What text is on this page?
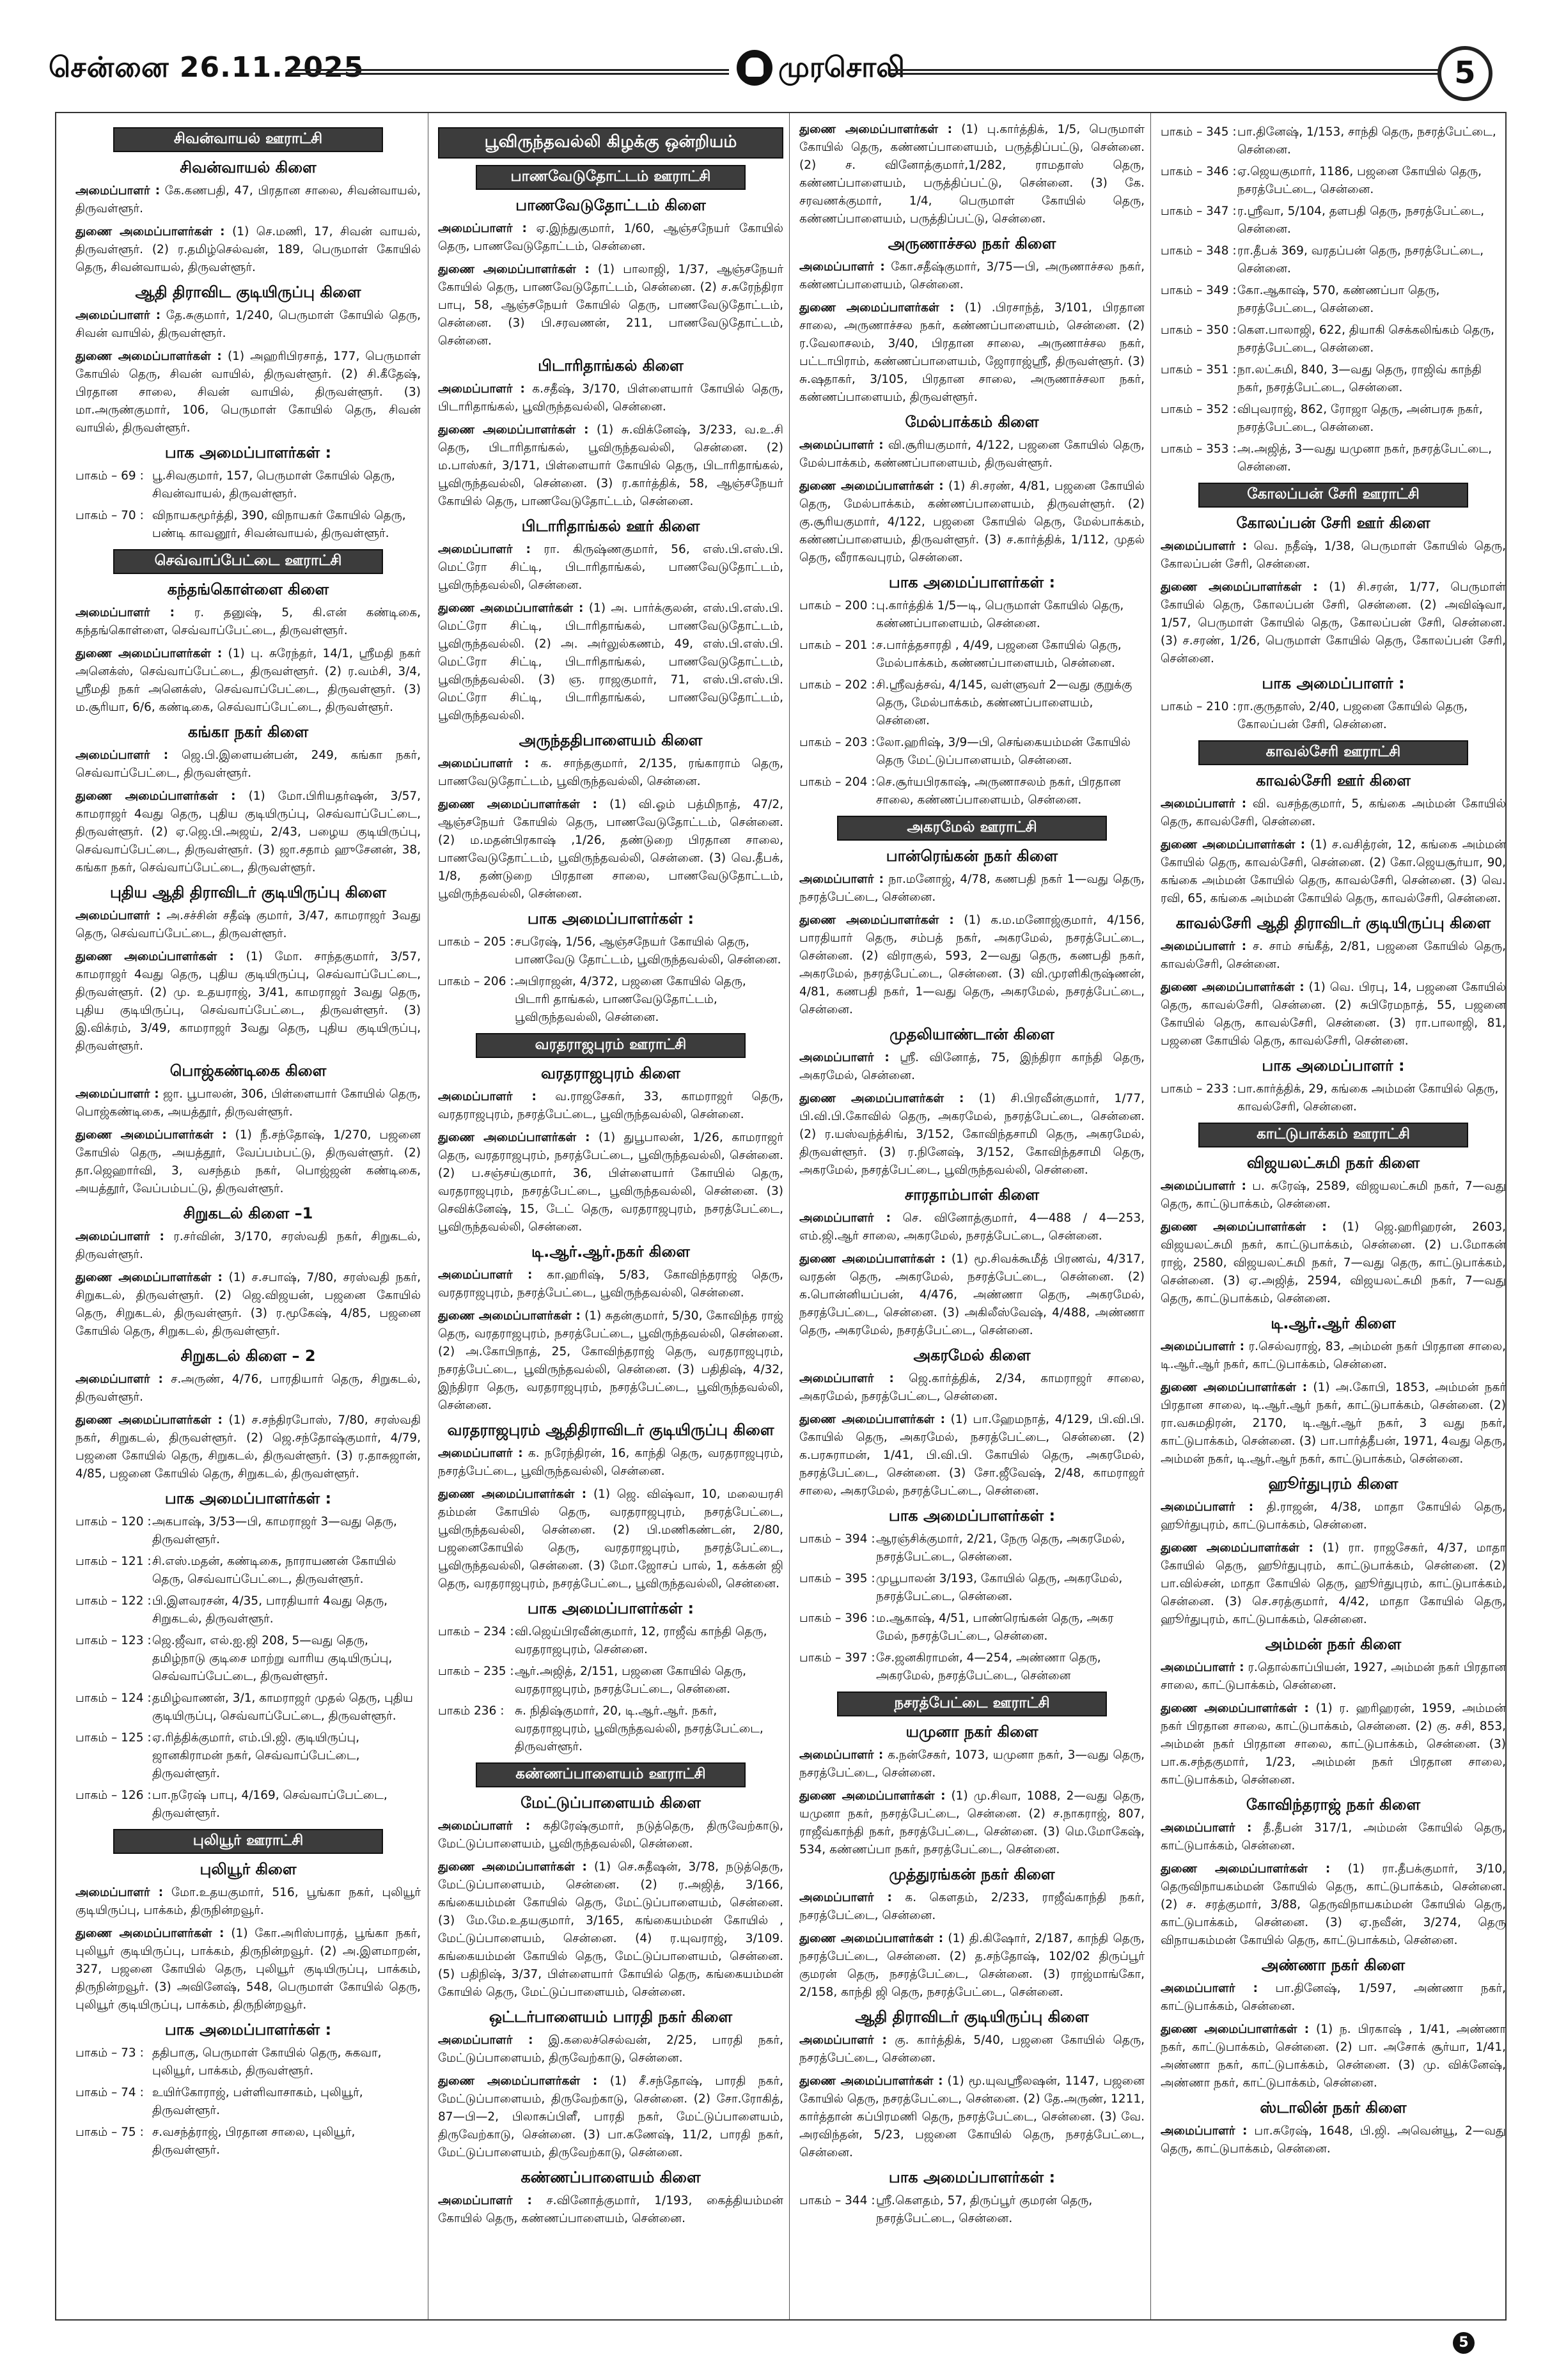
சென்னை 26.11.2025	முரசொலி	5
சிவன்வாயல் ஊராட்சி
சிவன்வாயல் கிளை

அமைப்பாளர் : கே.கணபதி, 47, பிரதான சாலை, சிவன்வாயல், திருவள்ளூர்.

துணை அமைப்பாளர்கள் : (1) செ.மணி, 17, சிவன் வாயல், திருவள்ளூர். (2) ர.தமிழ்செல்வன், 189, பெருமாள் கோயில் தெரு, சிவன்வாயல், திருவள்ளூர்.

ஆதி திராவிட குடியிருப்பு கிளை

அமைப்பாளர் : தே.சுகுமார், 1/240, பெருமாள் கோயில் தெரு, சிவன் வாயில், திருவள்ளூர்.

துணை அமைப்பாளர்கள் : (1) அஹரிபிரசாத், 177, பெருமாள் கோயில் தெரு, சிவன் வாயில், திருவள்ளூர். (2) சி.கீதேஷ், பிரதான சாலை, சிவன் வாயில், திருவள்ளூர். (3) மா.அருண்குமார், 106, பெருமாள் கோயில் தெரு, சிவன் வாயில், திருவள்ளூர்.

பாக அமைப்பாளர்கள் :
பாகம் – 69 : பூ.சிவகுமார், 157, பெருமாள் கோயில் தெரு, சிவன்வாயல், திருவள்ளூர்.
பாகம் – 70 : விநாயகமூர்த்தி, 390, விநாயகர் கோயில் தெரு, பண்டி காவனூர், சிவன்வாயல், திருவள்ளூர்.
செவ்வாப்பேட்டை ஊராட்சி
கந்தங்கொள்ளை கிளை

அமைப்பாளர் : ர. தனுஷ், 5, கி.என் கண்டிகை, கந்தங்கொள்ளை, செவ்வாப்பேட்டை, திருவள்ளூர்.

துணை அமைப்பாளர்கள் : (1) பு. சுரேந்தர், 14/1, ஸ்ரீமதி நகர் அனெக்ஸ், செவ்வாப்பேட்டை, திருவள்ளூர். (2) ர.வம்சி, 3/4, ஸ்ரீமதி நகர் அனெக்ஸ், செவ்வாப்பேட்டை, திருவள்ளூர். (3) ம.சூரியா, 6/6, கண்டிகை, செவ்வாப்பேட்டை, திருவள்ளூர்.

கங்கா நகர் கிளை

அமைப்பாளர் : ஜெ.பி.இளையன்பன், 249, கங்கா நகர், செவ்வாப்பேட்டை, திருவள்ளூர்.

துணை அமைப்பாளர்கள் : (1) மோ.பிரியதர்ஷன், 3/57, காமராஜர் 4வது தெரு, புதிய குடியிருப்பு, செவ்வாப்பேட்டை, திருவள்ளூர். (2) ஏ.ஜெ.பி.அஜய், 2/43, பழைய குடியிருப்பு, செவ்வாப்பேட்டை, திருவள்ளூர். (3) ஜா.சதாம் ஹுசேனன், 38, கங்கா நகர், செவ்வாப்பேட்டை, திருவள்ளூர்.

புதிய ஆதி திராவிடர் குடியிருப்பு கிளை

அமைப்பாளர் : அ.சச்சின் சதீஷ் குமார், 3/47, காமராஜர் 3வது தெரு, செவ்வாப்பேட்டை, திருவள்ளூர்.

துணை அமைப்பாளர்கள் : (1) மோ. சாந்தகுமார், 3/57, காமராஜர் 4வது தெரு, புதிய குடியிருப்பு, செவ்வாப்பேட்டை, திருவள்ளூர். (2) மு. உதயராஜ், 3/41, காமராஜர் 3வது தெரு, புதிய குடியிருப்பு, செவ்வாப்பேட்டை, திருவள்ளூர். (3) இ.விக்ரம், 3/49, காமராஜர் 3வது தெரு, புதிய குடியிருப்பு, திருவள்ளூர்.

பொஜ்கண்டிகை கிளை

அமைப்பாளர் : ஜா. பூபாலன், 306, பிள்ளையார் கோயில் தெரு, பொஜ்கண்டிகை, அயத்தூர், திருவள்ளூர்.

துணை அமைப்பாளர்கள் : (1) நீ.சந்தோஷ், 1/270, பஜனை கோயில் தெரு, அயத்தூர், வேப்பம்பட்டு, திருவள்ளூர். (2) தா.ஜெஹார்வி, 3, வசந்தம் நகர், பொஜ்ஜன் கண்டிகை, அயத்தூர், வேப்பம்பட்டு, திருவள்ளூர்.

சிறுகடல் கிளை –1

அமைப்பாளர் : ர.சர்வின், 3/170, சரஸ்வதி நகர், சிறுகடல், திருவள்ளூர்.

துணை அமைப்பாளர்கள் : (1) ச.சபாஷ், 7/80, சரஸ்வதி நகர், சிறுகடல், திருவள்ளூர். (2) ஜெ.விஜயன், பஜனை கோயில் தெரு, சிறுகடல், திருவள்ளூர். (3) ர.மூகேஷ், 4/85, பஜனை கோயில் தெரு, சிறுகடல், திருவள்ளூர்.

சிறுகடல் கிளை – 2

அமைப்பாளர் : ச.அருண், 4/76, பாரதியார் தெரு, சிறுகடல், திருவள்ளூர்.

துணை அமைப்பாளர்கள் : (1) ச.சந்திரபோஸ், 7/80, சரஸ்வதி நகர், சிறுகடல், திருவள்ளூர். (2) ஜெ.சந்தோஷ்குமார், 4/79, பஜனை கோயில் தெரு, சிறுகடல், திருவள்ளூர். (3) ர.தாசுஜான், 4/85, பஜனை கோயில் தெரு, சிறுகடல், திருவள்ளூர்.

பாக அமைப்பாளர்கள் :
பாகம் – 120 : அகபாஷ், 3/53—பி, காமராஜர் 3—வது தெரு, திருவள்ளூர்.
பாகம் – 121 : சி.எஸ்.மதன், கண்டிகை, நாராயணன் கோயில் தெரு, செவ்வாப்பேட்டை, திருவள்ளூர்.
பாகம் – 122 : பி.இளவரசன், 4/35, பாரதியார் 4வது தெரு, சிறுகடல், திருவள்ளூர்.
பாகம் – 123 : ஜெ.ஜீவா, எல்.ஐ.ஜி 208, 5—வது தெரு, தமிழ்நாடு குடிசை மாற்று வாரிய குடியிருப்பு, செவ்வாப்பேட்டை, திருவள்ளூர்.
பாகம் – 124 : தமிழ்வாணன், 3/1, காமராஜர் முதல் தெரு, புதிய குடியிருப்பு, செவ்வாப்பேட்டை, திருவள்ளூர்.
பாகம் – 125 : ஏ.ரித்திக்குமார், எம்.பி.ஜி. குடியிருப்பு, ஜானகிராமன் நகர், செவ்வாப்பேட்டை, திருவள்ளூர்.
பாகம் – 126 : பா.நரேஷ் பாபு, 4/169, செவ்வாப்பேட்டை, திருவள்ளூர்.
புலியூர் ஊராட்சி
புலியூர் கிளை

அமைப்பாளர் : மோ.உதயகுமார், 516, பூங்கா நகர், புலியூர் குடியிருப்பு, பாக்கம், திருநின்றவூர்.

துணை அமைப்பாளர்கள் : (1) கோ.அரிஸ்பாரத், பூங்கா நகர், புலியூர் குடியிருப்பு, பாக்கம், திருநின்றவூர். (2) அ.இளமாறன், 327, பஜனை கோயில் தெரு, புலியூர் குடியிருப்பு, பாக்கம், திருநின்றவூர். (3) அவினேஷ், 548, பெருமாள் கோயில் தெரு, புலியூர் குடியிருப்பு, பாக்கம், திருநின்றவூர்.

பாக அமைப்பாளர்கள் :
பாகம் – 73 : ததிபாகு, பெருமாள் கோயில் தெரு, சுகவா, புலியூர், பாக்கம், திருவள்ளூர்.
பாகம் – 74 : உயிர்கோராஜ், பள்ளிவாசாகம், புலியூர், திருவள்ளூர்.
பாகம் – 75 : ச.வசந்த்ராஜ், பிரதான சாலை, புலியூர், திருவள்ளூர்.
பூவிருந்தவல்லி கிழக்கு ஒன்றியம்
பாணவேடுதோட்டம் ஊராட்சி
பாணவேடுதோட்டம் கிளை

அமைப்பாளர் : ஏ.இந்துகுமார், 1/60, ஆஞ்சநேயர் கோயில் தெரு, பாணவேடுதோட்டம், சென்னை.

துணை அமைப்பாளர்கள் : (1) பாலாஜி, 1/37, ஆஞ்சநேயர் கோயில் தெரு, பாணவேடுதோட்டம், சென்னை. (2) ச.சுரேந்திரா பாபு, 58, ஆஞ்சநேயர் கோயில் தெரு, பாணவேடுதோட்டம், சென்னை. (3) பி.சரவணன், 211, பாணவேடுதோட்டம், சென்னை.

பிடாரிதாங்கல் கிளை

அமைப்பாளர் : க.சதீஷ், 3/170, பிள்ளையார் கோயில் தெரு, பிடாரிதாங்கல், பூவிருந்தவல்லி, சென்னை.

துணை அமைப்பாளர்கள் : (1) சு.விக்னேஷ், 3/233, வ.உ.சி தெரு, பிடாரிதாங்கல், பூவிருந்தவல்லி, சென்னை. (2) ம.பாஸ்கர், 3/171, பிள்ளையார் கோயில் தெரு, பிடாரிதாங்கல், பூவிருந்தவல்லி, சென்னை. (3) ர.கார்த்திக், 58, ஆஞ்சநேயர் கோயில் தெரு, பாணவேடுதோட்டம், சென்னை.

பிடாரிதாங்கல் ஊர் கிளை

அமைப்பாளர் : ரா. கிருஷ்ணகுமார், 56, எஸ்.பி.எஸ்.பி. மெட்ரோ சிட்டி, பிடாரிதாங்கல், பாணவேடுதோட்டம், பூவிருந்தவல்லி, சென்னை.

துணை அமைப்பாளர்கள் : (1) அ. பார்க்குலன், எஸ்.பி.எஸ்.பி. மெட்ரோ சிட்டி, பிடாரிதாங்கல், பாணவேடுதோட்டம், பூவிருந்தவல்லி. (2) அ. அர்லுல்கணம், 49, எஸ்.பி.எஸ்.பி. மெட்ரோ சிட்டி, பிடாரிதாங்கல், பாணவேடுதோட்டம், பூவிருந்தவல்லி. (3) ஞ. ராஜகுமார், 71, எஸ்.பி.எஸ்.பி. மெட்ரோ சிட்டி, பிடாரிதாங்கல், பாணவேடுதோட்டம், பூவிருந்தவல்லி.

அருந்ததிபாளையம் கிளை

அமைப்பாளர் : க. சாந்தகுமார், 2/135, ரங்காராம் தெரு, பாணவேடுதோட்டம், பூவிருந்தவல்லி, சென்னை.

துணை அமைப்பாளர்கள் : (1) வி.ஓம் பத்மிநாத், 47/2, ஆஞ்சநேயர் கோயில் தெரு, பாணவேடுதோட்டம், சென்னை. (2) ம.மதன்பிரகாஷ் ,1/26, தண்டுறை பிரதான சாலை, பாணவேடுதோட்டம், பூவிருந்தவல்லி, சென்னை. (3) வெ.தீபக், 1/8, தண்டுறை பிரதான சாலை, பாணவேடுதோட்டம், பூவிருந்தவல்லி, சென்னை.

பாக அமைப்பாளர்கள் :
பாகம் – 205 : சபரேஷ், 1/56, ஆஞ்சநேயர் கோயில் தெரு, பாணவேடு தோட்டம், பூவிருந்தவல்லி, சென்னை.
பாகம் – 206 : அபிராஜன், 4/372, பஜனை கோயில் தெரு, பிடாரி தாங்கல், பாணவேடுதோட்டம், பூவிருந்தவல்லி, சென்னை.
வரதராஜபுரம் ஊராட்சி
வரதராஜபுரம் கிளை

அமைப்பாளர் : வ.ராஜசேகர், 33, காமராஜர் தெரு, வரதராஜபுரம், நசரத்பேட்டை, பூவிருந்தவல்லி, சென்னை.

துணை அமைப்பாளர்கள் : (1) துபூபாலன், 1/26, காமராஜர் தெரு, வரதராஜபுரம், நசரத்பேட்டை, பூவிருந்தவல்லி, சென்னை. (2) ப.சஞ்சய்குமார், 36, பிள்ளையார் கோயில் தெரு, வரதராஜபுரம், நசரத்பேட்டை, பூவிருந்தவல்லி, சென்னை. (3) செவிக்னேஷ், 15, டேட் தெரு, வரதராஜபுரம், நசரத்பேட்டை, பூவிருந்தவல்லி, சென்னை.

டி.ஆர்.ஆர்.நகர் கிளை

அமைப்பாளர் : கா.ஹரிஷ், 5/83, கோவிந்தராஜ் தெரு, வரதராஜபுரம், நசரத்பேட்டை, பூவிருந்தவல்லி, சென்னை.

துணை அமைப்பாளர்கள் : (1) சுதன்குமார், 5/30, கோவிந்த ராஜ் தெரு, வரதராஜபுரம், நசரத்பேட்டை, பூவிருந்தவல்லி, சென்னை. (2) அ.கோபிநாத், 25, கோவிந்தராஜ் தெரு, வரதராஜபுரம், நசரத்பேட்டை, பூவிருந்தவல்லி, சென்னை. (3) பதிதிஷ், 4/32, இந்திரா தெரு, வரதராஜபுரம், நசரத்பேட்டை, பூவிருந்தவல்லி, சென்னை.

வரதராஜபுரம் ஆதிதிராவிடர் குடியிருப்பு கிளை

அமைப்பாளர் : க. நரேந்திரன், 16, காந்தி தெரு, வரதராஜபுரம், நசரத்பேட்டை, பூவிருந்தவல்லி, சென்னை.

துணை அமைப்பாளர்கள் : (1) ஜெ. விஷ்வா, 10, மலையரசி தம்மன் கோயில் தெரு, வரதராஜபுரம், நசரத்பேட்டை, பூவிருந்தவல்லி, சென்னை. (2) பி.மணிகண்டன், 2/80, பஜனைகோயில் தெரு, வரதராஜபுரம், நசரத்பேட்டை, பூவிருந்தவல்லி, சென்னை. (3) மோ.ஜோசப் பால், 1, கக்கன் ஜி தெரு, வரதராஜபுரம், நசரத்பேட்டை, பூவிருந்தவல்லி, சென்னை.

பாக அமைப்பாளர்கள் :
பாகம் – 234 : வி.ஜெய்பிரவீன்குமார், 12, ராஜீவ் காந்தி தெரு, வரதராஜபுரம், சென்னை.
பாகம் – 235 : ஆர்.அஜித், 2/151, பஜனை கோயில் தெரு, வரதராஜபுரம், நசரத்பேட்டை, சென்னை.
பாகம் 236 : சு. நிதிஷ்குமார், 20, டி.ஆர்.ஆர். நகர், வரதராஜபுரம், பூவிருந்தவல்லி, நசரத்பேட்டை, திருவள்ளூர்.
கண்ணப்பாளையம் ஊராட்சி
மேட்டுப்பாளையம் கிளை

அமைப்பாளர் : கதிரேஷ்குமார், நடுத்தெரு, திருவேற்காடு, மேட்டுப்பாளையம், பூவிருந்தவல்லி, சென்னை.

துணை அமைப்பாளர்கள் : (1) செ.சுதீஷன், 3/78, நடுத்தெரு, மேட்டுப்பாளையம், சென்னை. (2) ர.அஜித், 3/166, கங்கையம்மன் கோயில் தெரு, மேட்டுப்பாளையம், சென்னை. (3) மே.மே.உதயகுமார், 3/165, கங்கையம்மன் கோயில் , மேட்டுப்பாளையம், சென்னை. (4) ர.யுவராஜ், 3/109. கங்கையம்மன் கோயில் தெரு, மேட்டுப்பாளையம், சென்னை. (5) பதிநிஷ், 3/37, பிள்ளையார் கோயில் தெரு, கங்கையம்மன் கோயில் தெரு, மேட்டுப்பாளையம், சென்னை.

ஒட்டர்பாளையம் பாரதி நகர் கிளை

அமைப்பாளர் : இ.கலைச்செல்வன், 2/25, பாரதி நகர், மேட்டுப்பாளையம், திருவேற்காடு, சென்னை.

துணை அமைப்பாளர்கள் : (1) சீ.சந்தோஷ், பாரதி நகர், மேட்டுப்பாளையம், திருவேற்காடு, சென்னை. (2) சோ.ரோகித், 87—பி—2, பிலாசுப்பிளீ, பாரதி நகர், மேட்டுப்பாளையம், திருவேற்காடு, சென்னை. (3) பா.கணேஷ், 11/2, பாரதி நகர், மேட்டுப்பாளையம், திருவேற்காடு, சென்னை.

கண்ணப்பாளையம் கிளை

அமைப்பாளர் : ச.வினோத்குமார், 1/193, கைத்தியம்மன் கோயில் தெரு, கண்ணப்பாளையம், சென்னை.

துணை அமைப்பாளர்கள் : (1) பு.கார்த்திக், 1/5, பெருமாள் கோயில் தெரு, கண்ணப்பாளையம், பருத்திப்பட்டு, சென்னை. (2) ச. வினோத்குமார்,1/282, ராமதாஸ் தெரு, கண்ணப்பாளையம், பருத்திப்பட்டு, சென்னை. (3) கே. சரவணக்குமார், 1/4, பெருமாள் கோயில் தெரு, கண்ணப்பாளையம், பருத்திப்பட்டு, சென்னை.

அருணாச்சல நகர் கிளை

அமைப்பாளர் : கோ.சதீஷ்குமார், 3/75—பி, அருணாச்சல நகர், கண்ணப்பாளையம், சென்னை.

துணை அமைப்பாளர்கள் : (1) .பிரசாந்த், 3/101, பிரதான சாலை, அருணாச்சல நகர், கண்ணப்பாளையம், சென்னை. (2) ர.வேலாசலம், 3/40, பிரதான சாலை, அருணாச்சல நகர், பட்டாபிராம், கண்ணப்பாளையம், ஜோராஜ்ஸ்ரீ, திருவள்ளூர். (3) சு.ஷதாகர், 3/105, பிரதான சாலை, அருணாச்சலா நகர், கண்ணப்பாளையம், திருவள்ளூர்.

மேல்பாக்கம் கிளை

அமைப்பாளர் : வி.சூரியகுமார், 4/122, பஜனை கோயில் தெரு, மேல்பாக்கம், கண்ணப்பாளையம், திருவள்ளூர்.

துணை அமைப்பாளர்கள் : (1) சி.சரண், 4/81, பஜனை கோயில் தெரு, மேல்பாக்கம், கண்ணப்பாளையம், திருவள்ளூர். (2) கு.சூரியகுமார், 4/122, பஜனை கோயில் தெரு, மேல்பாக்கம், கண்ணப்பாளையம், திருவள்ளூர். (3) ச.கார்த்திக், 1/112, முதல் தெரு, வீராகவபுரம், சென்னை.

பாக அமைப்பாளர்கள் :
பாகம் – 200 : பு.கார்த்திக் 1/5—டி, பெருமாள் கோயில் தெரு, கண்ணப்பாளையம், சென்னை.
பாகம் – 201 : ச.பார்த்தசாரதி , 4/49, பஜனை கோயில் தெரு, மேல்பாக்கம், கண்ணப்பாளையம், சென்னை.
பாகம் – 202 : சி.ஸ்ரீவத்சவ், 4/145, வள்ளுவர் 2—வது குறுக்கு தெரு, மேல்பாக்கம், கண்ணப்பாளையம், சென்னை.
பாகம் – 203 : லோ.ஹரிஷ், 3/9—பி, செங்கையம்மன் கோயில் தெரு மேட்டுப்பாளையம், சென்னை.
பாகம் – 204 : செ.சூர்யபிரகாஷ், அருணாசலம் நகர், பிரதான சாலை, கண்ணப்பாளையம், சென்னை.
அகரமேல் ஊராட்சி
பான்ரெங்கன் நகர் கிளை

அமைப்பாளர் : நா.மனோஜ், 4/78, கணபதி நகர் 1—வது தெரு, நசரத்பேட்டை, சென்னை.

துணை அமைப்பாளர்கள் : (1) க.ம.மனோஜ்குமார், 4/156, பாரதியார் தெரு, சம்பத் நகர், அகரமேல், நசரத்பேட்டை, சென்னை. (2) விராகுல், 593, 2—வது தெரு, கணபதி நகர், அகரமேல், நசரத்பேட்டை, சென்னை. (3) வி.முரளிகிருஷ்ணன், 4/81, கணபதி நகர், 1—வது தெரு, அகரமேல், நசரத்பேட்டை, சென்னை.

முதலியாண்டான் கிளை

அமைப்பாளர் : ஸ்ரீ. வினோத், 75, இந்திரா காந்தி தெரு, அகரமேல், சென்னை.

துணை அமைப்பாளர்கள் : (1) சி.பிரவீன்குமார், 1/77, பி.வி.பி.கோவில் தெரு, அகரமேல், நசரத்பேட்டை, சென்னை. (2) ர.யஸ்வந்த்சிங், 3/152, கோவிந்தசாமி தெரு, அகரமேல், திருவள்ளூர். (3) ர.நினேஷ், 3/152, கோவிந்தசாமி தெரு, அகரமேல், நசரத்பேட்டை, பூவிருந்தவல்லி, சென்னை.

சாரதாம்பாள் கிளை

அமைப்பாளர் : செ. வினோத்குமார், 4—488 / 4—253, எம்.ஜி.ஆர் சாலை, அகரமேல், நசரத்பேட்டை, சென்னை.

துணை அமைப்பாளர்கள் : (1) மூ.சிவக்கூமீத் பிரணவ், 4/317, வரதன் தெரு, அகரமேல், நசரத்பேட்டை, சென்னை. (2) க.பொன்னியப்பன், 4/476, அண்ணா தெரு, அகரமேல், நசரத்பேட்டை, சென்னை. (3) அகிலீஸ்வேஷ், 4/488, அண்ணா தெரு, அகரமேல், நசரத்பேட்டை, சென்னை.

அகரமேல் கிளை

அமைப்பாளர் : ஜெ.கார்த்திக், 2/34, காமராஜர் சாலை, அகரமேல், நசரத்பேட்டை, சென்னை.

துணை அமைப்பாளர்கள் : (1) பா.ஹேமநாத், 4/129, பி.வி.பி. கோயில் தெரு, அகரமேல், நசரத்பேட்டை, சென்னை. (2) க.பரசுராமன், 1/41, பி.வி.பி. கோயில் தெரு, அகரமேல், நசரத்பேட்டை, சென்னை. (3) சோ.ஜீவேஷ், 2/48, காமராஜர் சாலை, அகரமேல், நசரத்பேட்டை, சென்னை.

பாக அமைப்பாளர்கள் :
பாகம் – 394 : ஆரஞ்சிக்குமார், 2/21, நேரு தெரு, அகரமேல், நசரத்பேட்டை, சென்னை.
பாகம் – 395 : முபூபாலன் 3/193, கோயில் தெரு, அகரமேல், நசரத்பேட்டை, சென்னை.
பாகம் – 396 : ம.ஆகாஷ், 4/51, பாண்ரெங்கன் தெரு, அகர மேல், நசரத்பேட்டை, சென்னை.
பாகம் – 397 : சே.ஜனகிராமன், 4—254, அண்ணா தெரு, அகரமேல், நசரத்பேட்டை, சென்னை
நசரத்பேட்டை ஊராட்சி
யமுனா நகர் கிளை

அமைப்பாளர் : க.நன்சேகர், 1073, யமுனா நகர், 3—வது தெரு, நசரத்பேட்டை, சென்னை.

துணை அமைப்பாளர்கள் : (1) மு.சிவா, 1088, 2—வது தெரு, யமுனா நகர், நசரத்பேட்டை, சென்னை. (2) ச.நாகராஜ், 807, ராஜீவ்காந்தி நகர், நசரத்பேட்டை, சென்னை. (3) மெ.மோகேஷ், 534, கண்ணப்பா நகர், நசரத்பேட்டை, சென்னை.

முத்துரங்கன் நகர் கிளை

அமைப்பாளர் : க. கௌதம், 2/233, ராஜீவ்காந்தி நகர், நசரத்பேட்டை, சென்னை.

துணை அமைப்பாளர்கள் : (1) தி.கிஷோர், 2/187, காந்தி தெரு, நசரத்பேட்டை, சென்னை. (2) த.சந்தோஷ், 102/02 திருப்பூர் குமரன் தெரு, நசரத்பேட்டை, சென்னை. (3) ராஜ்மாங்கோ, 2/158, காந்தி ஜி தெரு, நசரத்பேட்டை, சென்னை.

ஆதி திராவிடர் குடியிருப்பு கிளை

அமைப்பாளர் : கு. கார்த்திக், 5/40, பஜனை கோயில் தெரு, நசரத்பேட்டை, சென்னை.

துணை அமைப்பாளர்கள் : (1) மூ.யுவஸ்ரீலஷன், 1147, பஜனை கோயில் தெரு, நசரத்பேட்டை, சென்னை. (2) தே.அருண், 1211, கார்த்தான் கப்பிரமணி தெரு, நசரத்பேட்டை, சென்னை. (3) வே. அரவிந்தன், 5/23, பஜனை கோயில் தெரு, நசரத்பேட்டை, சென்னை.

பாக அமைப்பாளர்கள் :
பாகம் – 344 : ஸ்ரீ.கௌதம், 57, திருப்பூர் குமரன் தெரு, நசரத்பேட்டை, சென்னை.
பாகம் – 345 : பா.தினேஷ், 1/153, சாந்தி தெரு, நசரத்பேட்டை, சென்னை.
பாகம் – 346 : ஏ.ஜெயகுமார், 1186, பஜனை கோயில் தெரு, நசரத்பேட்டை, சென்னை.
பாகம் – 347 : ர.ஸ்ரீவா, 5/104, தளபதி தெரு, நசரத்பேட்டை, சென்னை.
பாகம் – 348 : ரா.தீபக் 369, வரதப்பன் தெரு, நசரத்பேட்டை, சென்னை.
பாகம் – 349 : கோ.ஆகாஷ், 570, கண்ணப்பா தெரு, நசரத்பேட்டை, சென்னை.
பாகம் – 350 : கௌ.பாலாஜி, 622, தியாகி செக்கலிங்கம் தெரு, நசரத்பேட்டை, சென்னை.
பாகம் – 351 : நா.லட்சுமி, 840, 3—வது தெரு, ராஜிவ் காந்தி நகர், நசரத்பேட்டை, சென்னை.
பாகம் – 352 : விபுவராஜ், 862, ரோஜா தெரு, அன்பரசு நகர், நசரத்பேட்டை, சென்னை.
பாகம் – 353 : அ.அஜித், 3—வது யமுனா நகர், நசரத்பேட்டை, சென்னை.
கோலப்பன் சேரி ஊராட்சி
கோலப்பன் சேரி ஊர் கிளை

அமைப்பாளர் : வெ. நதீஷ், 1/38, பெருமாள் கோயில் தெரு, கோலப்பன் சேரி, சென்னை.

துணை அமைப்பாளர்கள் : (1) சி.சரன், 1/77, பெருமாள் கோயில் தெரு, கோலப்பன் சேரி, சென்னை. (2) அவிஷ்வா, 1/57, பெருமாள் கோயில் தெரு, கோலப்பன் சேரி, சென்னை. (3) ச.சரண், 1/26, பெருமாள் கோயில் தெரு, கோலப்பன் சேரி, சென்னை.

பாக அமைப்பாளர் :
பாகம் – 210 : ரா.குருதாஸ், 2/40, பஜனை கோயில் தெரு, கோலப்பன் சேரி, சென்னை.
காவல்சேரி ஊராட்சி
காவல்சேரி ஊர் கிளை

அமைப்பாளர் : வி. வசந்தகுமார், 5, கங்கை அம்மன் கோயில் தெரு, காவல்சேரி, சென்னை.

துணை அமைப்பாளர்கள் : (1) ச.வசித்ரன், 12, கங்கை அம்மன் கோயில் தெரு, காவல்சேரி, சென்னை. (2) கோ.ஜெயசூர்யா, 90, கங்கை அம்மன் கோயில் தெரு, காவல்சேரி, சென்னை. (3) வெ. ரவி, 65, கங்கை அம்மன் கோயில் தெரு, காவல்சேரி, சென்னை.

காவல்சேரி ஆதி திராவிடர் குடியிருப்பு கிளை

அமைப்பாளர் : ச. சாம் சங்கீத், 2/81, பஜனை கோயில் தெரு, காவல்சேரி, சென்னை.

துணை அமைப்பாளர்கள் : (1) வெ. பிரபு, 14, பஜனை கோயில் தெரு, காவல்சேரி, சென்னை. (2) சுபிரேமநாத், 55, பஜனை கோயில் தெரு, காவல்சேரி, சென்னை. (3) ரா.பாலாஜி, 81, பஜனை கோயில் தெரு, காவல்சேரி, சென்னை.

பாக அமைப்பாளர் :
பாகம் – 233 : பா.கார்த்திக், 29, கங்கை அம்மன் கோயில் தெரு, காவல்சேரி, சென்னை.
காட்டுபாக்கம் ஊராட்சி
விஜயலட்சுமி நகர் கிளை

அமைப்பாளர் : ப. சுரேஷ், 2589, விஜயலட்சுமி நகர், 7—வது தெரு, காட்டுபாக்கம், சென்னை.

துணை அமைப்பாளர்கள் : (1) ஜெ.ஹரிஹரன், 2603, விஜயலட்சுமி நகர், காட்டுபாக்கம், சென்னை. (2) ப.மோகன் ராஜ், 2580, விஜயலட்சுமி நகர், 7—வது தெரு, காட்டுபாக்கம், சென்னை. (3) ஏ.அஜித், 2594, விஜயலட்சுமி நகர், 7—வது தெரு, காட்டுபாக்கம், சென்னை.

டி.ஆர்.ஆர் கிளை

அமைப்பாளர் : ர.செல்வராஜ், 83, அம்மன் நகர் பிரதான சாலை, டி.ஆர்.ஆர் நகர், காட்டுபாக்கம், சென்னை.

துணை அமைப்பாளர்கள் : (1) அ.கோபி, 1853, அம்மன் நகர் பிரதான சாலை, டி.ஆர்.ஆர் நகர், காட்டுபாக்கம், சென்னை. (2) ரா.வசுமதிரன், 2170, டி.ஆர்.ஆர் நகர், 3 வது நகர், காட்டுபாக்கம், சென்னை. (3) பா.பார்த்தீபன், 1971, 4வது தெரு, அம்மன் நகர், டி.ஆர்.ஆர் நகர், காட்டுபாக்கம், சென்னை.

ஹூர்துபுரம் கிளை

அமைப்பாளர் : தி.ராஜன், 4/38, மாதா கோயில் தெரு, ஹூர்துபுரம், காட்டுபாக்கம், சென்னை.

துணை அமைப்பாளர்கள் : (1) ரா. ராஜசேகர், 4/37, மாதா கோயில் தெரு, ஹூர்துபுரம், காட்டுபாக்கம், சென்னை. (2) பா.வில்சன், மாதா கோயில் தெரு, ஹூர்துபுரம், காட்டுபாக்கம், சென்னை. (3) செ.சரத்குமார், 4/42, மாதா கோயில் தெரு, ஹூர்துபுரம், காட்டுபாக்கம், சென்னை.

அம்மன் நகர் கிளை

அமைப்பாளர் : ர.தொல்காப்பியன், 1927, அம்மன் நகர் பிரதான சாலை, காட்டுபாக்கம், சென்னை.

துணை அமைப்பாளர்கள் : (1) ர. ஹரிஹரன், 1959, அம்மன் நகர் பிரதான சாலை, காட்டுபாக்கம், சென்னை. (2) கு. சசி, 853, அம்மன் நகர் பிரதான சாலை, காட்டுபாக்கம், சென்னை. (3) பா.க.சந்தகுமார், 1/23, அம்மன் நகர் பிரதான சாலை, காட்டுபாக்கம், சென்னை.

கோவிந்தராஜ் நகர் கிளை

அமைப்பாளர் : தீ.தீபன் 317/1, அம்மன் கோயில் தெரு, காட்டுபாக்கம், சென்னை.

துணை அமைப்பாளர்கள் : (1) ரா.தீபக்குமார், 3/10, தெருவிநாயகம்மன் கோயில் தெரு, காட்டுபாக்கம், சென்னை. (2) ச. சரத்குமார், 3/88, தெருவிநாயகம்மன் கோயில் தெரு, காட்டுபாக்கம், சென்னை. (3) ஏ.நவீன், 3/274, தெரு விநாயகம்மன் கோயில் தெரு, காட்டுபாக்கம், சென்னை.

அண்ணா நகர் கிளை

அமைப்பாளர் : பா.தினேஷ், 1/597, அண்ணா நகர், காட்டுபாக்கம், சென்னை.

துணை அமைப்பாளர்கள் : (1) ந. பிரகாஷ் , 1/41, அண்ணா நகர், காட்டுபாக்கம், சென்னை. (2) பா. அசோக் சூர்யா, 1/41, அண்ணா நகர், காட்டுபாக்கம், சென்னை. (3) மு. விக்னேஷ், அண்ணா நகர், காட்டுபாக்கம், சென்னை.

ஸ்டாலின் நகர் கிளை

அமைப்பாளர் : பா.சுரேஷ், 1648, பி.ஜி. அவென்யூ, 2—வது தெரு, காட்டுபாக்கம், சென்னை.

5
